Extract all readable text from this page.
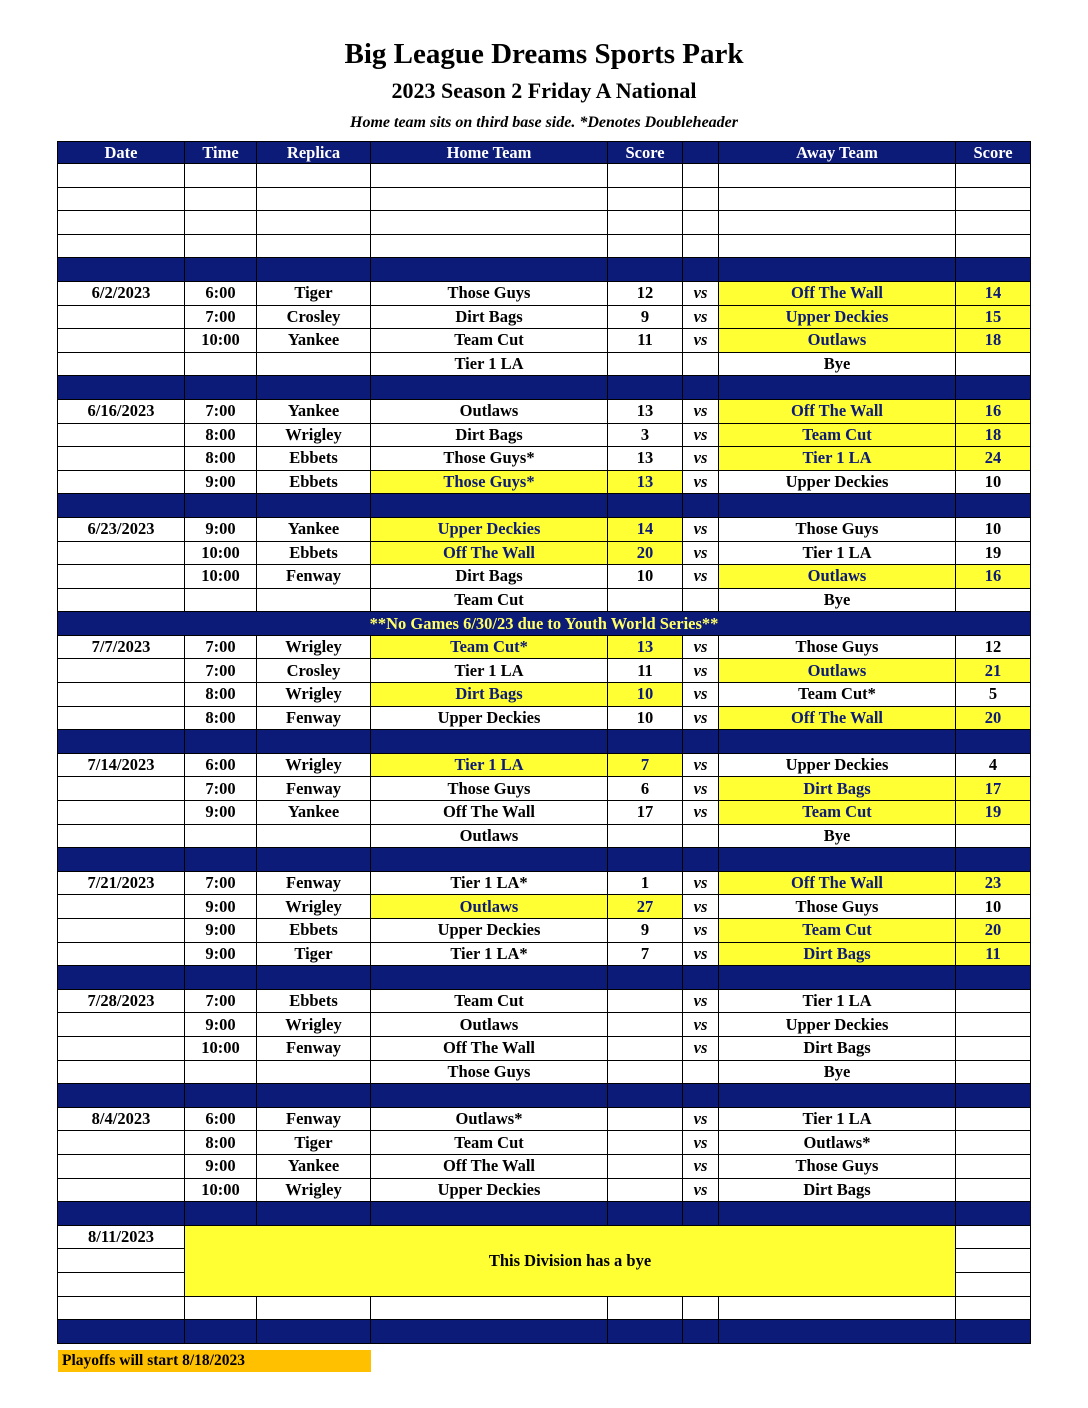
Big League Dreams Sports Park
2023 Season 2 Friday A National
Home team sits on third base side. *Denotes Doubleheader
Date	Time	Replica	Home Team	Score		Away Team	Score

6/2/2023	6:00	Tiger	Those Guys	12	vs	Off The Wall	14
	7:00	Crosley	Dirt Bags	9	vs	Upper Deckies	15
	10:00	Yankee	Team Cut	11	vs	Outlaws	18
			Tier 1 LA			Bye	

6/16/2023	7:00	Yankee	Outlaws	13	vs	Off The Wall	16
	8:00	Wrigley	Dirt Bags	3	vs	Team Cut	18
	8:00	Ebbets	Those Guys*	13	vs	Tier 1 LA	24
	9:00	Ebbets	Those Guys*	13	vs	Upper Deckies	10

6/23/2023	9:00	Yankee	Upper Deckies	14	vs	Those Guys	10
	10:00	Ebbets	Off The Wall	20	vs	Tier 1 LA	19
	10:00	Fenway	Dirt Bags	10	vs	Outlaws	16
			Team Cut			Bye	
**No Games 6/30/23 due to Youth World Series**							
7/7/2023	7:00	Wrigley	Team Cut*	13	vs	Those Guys	12
	7:00	Crosley	Tier 1 LA	11	vs	Outlaws	21
	8:00	Wrigley	Dirt Bags	10	vs	Team Cut*	5
	8:00	Fenway	Upper Deckies	10	vs	Off The Wall	20

7/14/2023	6:00	Wrigley	Tier 1 LA	7	vs	Upper Deckies	4
	7:00	Fenway	Those Guys	6	vs	Dirt Bags	17
	9:00	Yankee	Off The Wall	17	vs	Team Cut	19
			Outlaws			Bye	

7/21/2023	7:00	Fenway	Tier 1 LA*	1	vs	Off The Wall	23
	9:00	Wrigley	Outlaws	27	vs	Those Guys	10
	9:00	Ebbets	Upper Deckies	9	vs	Team Cut	20
	9:00	Tiger	Tier 1 LA*	7	vs	Dirt Bags	11

7/28/2023	7:00	Ebbets	Team Cut		vs	Tier 1 LA	
	9:00	Wrigley	Outlaws		vs	Upper Deckies	
	10:00	Fenway	Off The Wall		vs	Dirt Bags	
			Those Guys			Bye	

8/4/2023	6:00	Fenway	Outlaws*		vs	Tier 1 LA	
	8:00	Tiger	Team Cut		vs	Outlaws*	
	9:00	Yankee	Off The Wall		vs	Those Guys	
	10:00	Wrigley	Upper Deckies		vs	Dirt Bags	

8/11/2023	This Division has a bye						

Playoffs will start 8/18/2023
